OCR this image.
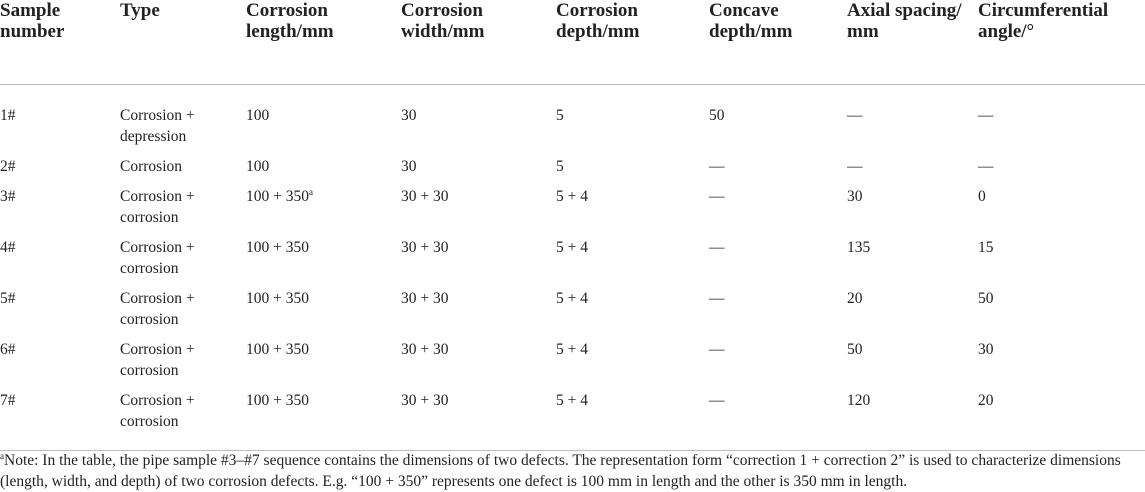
Sample number	Type	Corrosion length/mm	Corrosion width/mm	Corrosion depth/mm	Concave depth/mm	Axial spacing/ mm	Circumferential angle/°
1#	Corrosion + depression	100	30	5	50	—	—
2#	Corrosion	100	30	5	—	—	—
3#	Corrosion + corrosion	$100 + 350^a$	30 + 30	5 + 4	—	30	0
4#	Corrosion + corrosion	100 + 350	30 + 30	5 + 4	—	135	15
5#	Corrosion + corrosion	100 + 350	30 + 30	5 + 4	—	20	50
6#	Corrosion + corrosion	100 + 350	30 + 30	5 + 4	—	50	30
7#	Corrosion + corrosion	100 + 350	30 + 30	5 + 4	—	120	20
$^a$Note: In the table, the pipe sample #3–#7 sequence contains the dimensions of two defects. The representation form “correction 1 + correction 2” is used to characterize dimensions (length, width, and depth) of two corrosion defects. E.g. “100 + 350” represents one defect is 100 mm in length and the other is 350 mm in length.
